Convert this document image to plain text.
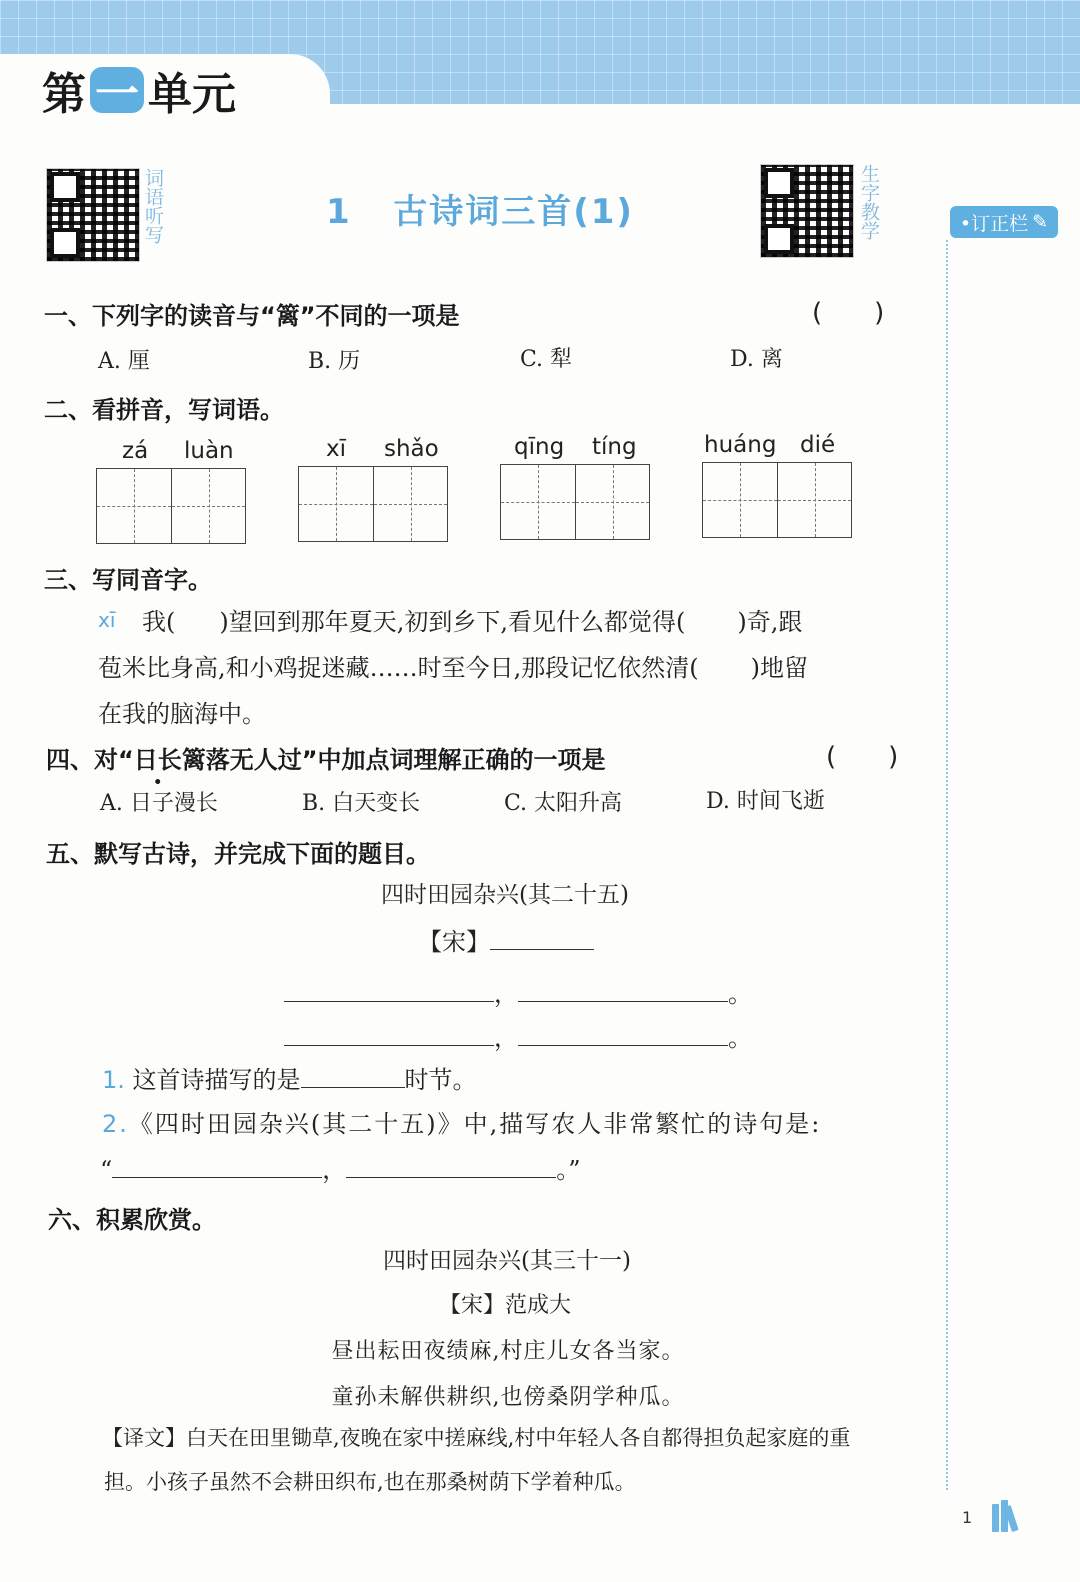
第 一 单元
词语听写	生字教学
1 古诗词三首(1)	•订正栏 ✎
一、下列字的读音与“篱”不同的一项是	(　　)
A. 厘	B. 历	C. 犁	D. 离
二、看拼音，写词语。
zá luàn	xī shǎo	qīng tíng	huáng dié
三、写同音字。
xī 我( )望回到那年夏天,初到乡下,看见什么都觉得( )奇,跟
苞米比身高,和小鸡捉迷藏……时至今日,那段记忆依然清( )地留
在我的脑海中。
四、对“日长篱落无人过”中加点词理解正确的一项是	(　　)
A. 日子漫长	B. 白天变长	C. 太阳升高	D. 时间飞逝
五、默写古诗，并完成下面的题目。
四时田园杂兴(其二十五)
【宋】
，	。
，	。
1. 这首诗描写的是	时节。
2.《四时田园杂兴(其二十五)》中,描写农人非常繁忙的诗句是:
“	，	。”
六、积累欣赏。
四时田园杂兴(其三十一)
【宋】范成大
昼出耘田夜绩麻,村庄儿女各当家。
童孙未解供耕织,也傍桑阴学种瓜。
【译文】白天在田里锄草,夜晚在家中搓麻线,村中年轻人各自都得担负起家庭的重
担。小孩子虽然不会耕田织布,也在那桑树荫下学着种瓜。
1
